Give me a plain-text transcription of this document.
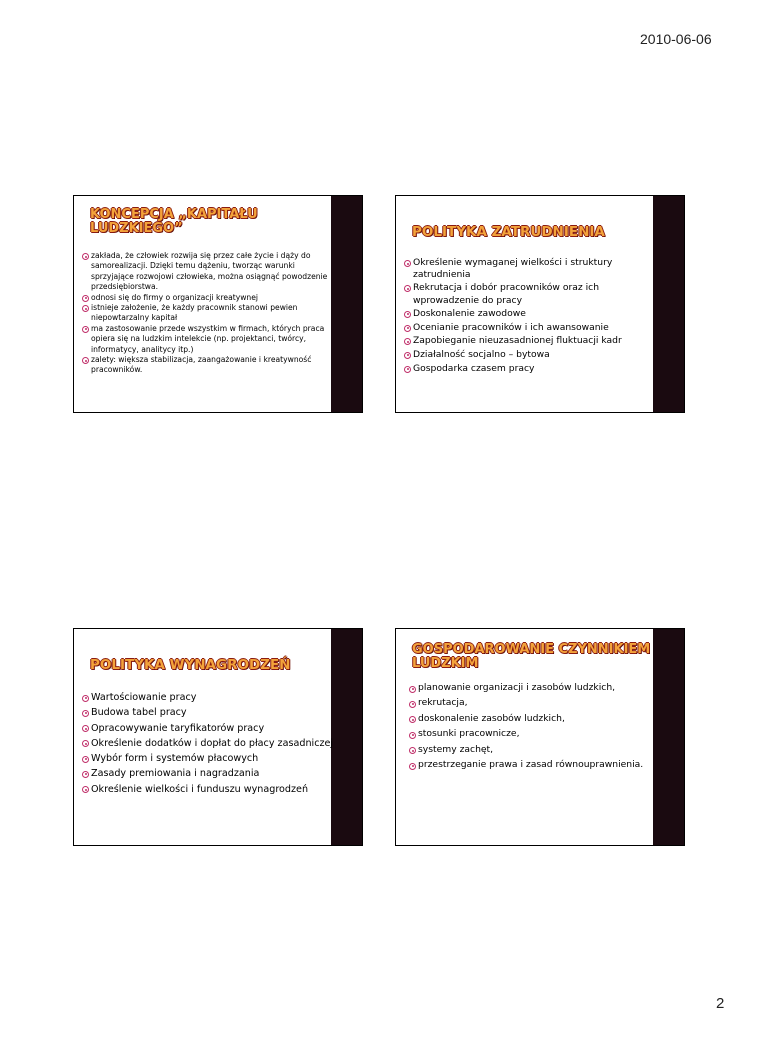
2010-06-06
KONCEPCJA „KAPITAŁU
LUDZKIEGO”
zakłada, że człowiek rozwija się przez całe życie i dąży do samorealizacji. Dzięki temu dążeniu, tworząc warunki sprzyjające rozwojowi człowieka, można osiągnąć powodzenie przedsiębiorstwa.
odnosi się do firmy o organizacji kreatywnej
istnieje założenie, że każdy pracownik stanowi pewien niepowtarzalny kapitał
ma zastosowanie przede wszystkim w firmach, których praca opiera się na ludzkim intelekcie (np. projektanci, twórcy, informatycy, analitycy itp.)
zalety: większa stabilizacja, zaangażowanie i kreatywność pracowników.
POLITYKA ZATRUDNIENIA
Określenie wymaganej wielkości i struktury zatrudnienia
Rekrutacja i dobór pracowników oraz ich wprowadzenie do pracy
Doskonalenie zawodowe
Ocenianie pracowników i ich awansowanie
Zapobieganie nieuzasadnionej fluktuacji kadr
Działalność socjalno – bytowa
Gospodarka czasem pracy
POLITYKA WYNAGRODZEŃ
Wartościowanie pracy
Budowa tabel pracy
Opracowywanie taryfikatorów pracy
Określenie dodatków i dopłat do płacy zasadniczej
Wybór form i systemów płacowych
Zasady premiowania i nagradzania
Określenie wielkości i funduszu wynagrodzeń
GOSPODAROWANIE CZYNNIKIEM
LUDZKIM
planowanie organizacji i zasobów ludzkich,
rekrutacja,
doskonalenie zasobów ludzkich,
stosunki pracownicze,
systemy zachęt,
przestrzeganie prawa i zasad równouprawnienia.
2
